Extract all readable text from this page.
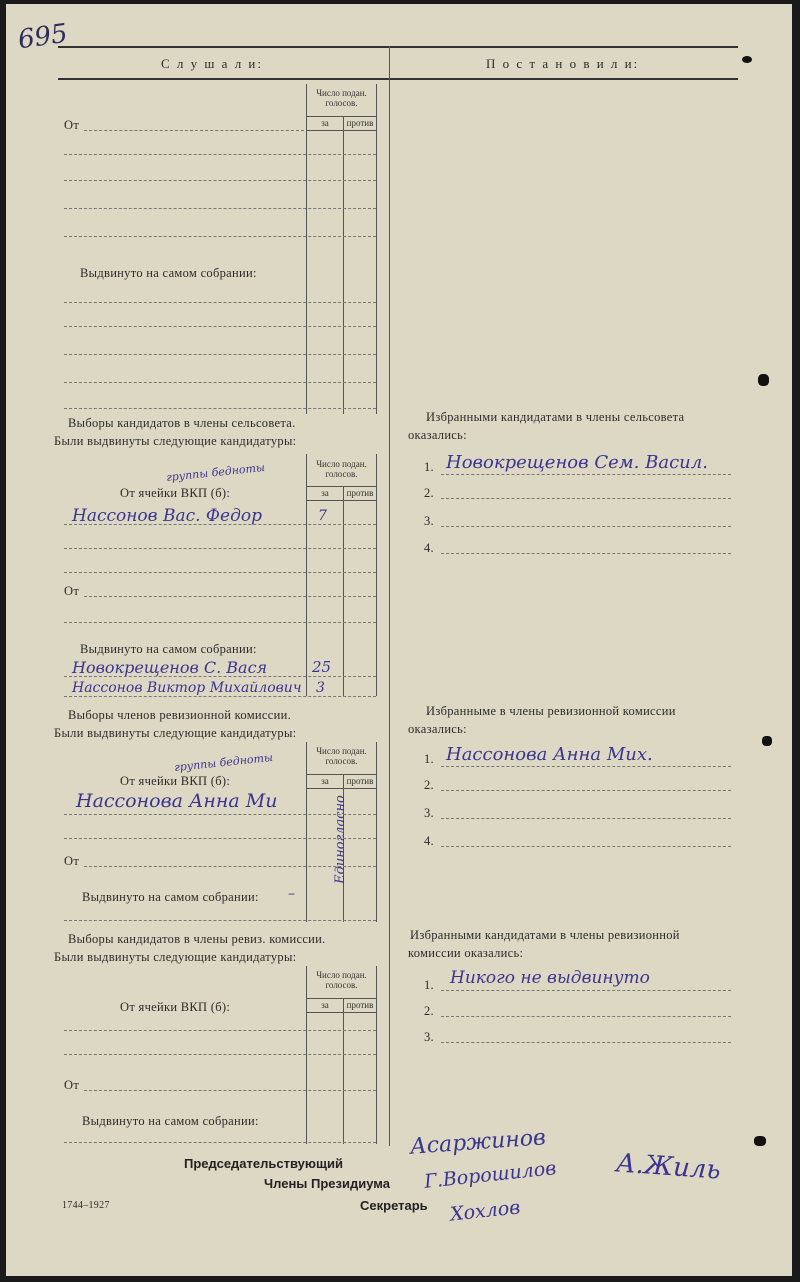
695
С л у ш а л и:	П о с т а н о в и л и:
Число подан.
голосов.
за	против
От
Выдвинуто на самом собрании:
Выборы кандидатов в члены сельсовета.
Были выдвинуты следующие кандидатуры:
Число подан.
голосов.
за	против
группы бедноты
От ячейки ВКП (б):
Нассонов Вас. Федор	7
От
Выдвинуто на самом собрании:
Новокрещенов С. Вася	25
Нассонов Виктор Михайлович 3
Избранными кандидатами в члены сельсовета
оказались:
1. Новокрещенов Сем. Васил.
2.
3.
4.
Выборы членов ревизионной комиссии.
Были выдвинуты следующие кандидатуры:
Число подан.
голосов.
за	против
группы бедноты
От ячейки ВКП (б):
Нассонова Анна Ми	Единогласно
От
Выдвинуто на самом собрании: –
Избранныме в члены ревизионной комиссии
оказались:
1. Нассонова Анна Мих.
2.
3.
4.
Выборы кандидатов в члены ревиз. комиссии.
Были выдвинуты следующие кандидатуры:
Число подан.
голосов.
за	против
От ячейки ВКП (б):
От
Выдвинуто на самом собрании:
Избранными кандидатами в члены ревизионной
комиссии оказались:
1. Никого не выдвинуто
2.
3.
Председательствующий
Члены Президиума
Секретарь
1744–1927
Асаржинов
Г.Ворошилов А.Жиль
Хохлов
